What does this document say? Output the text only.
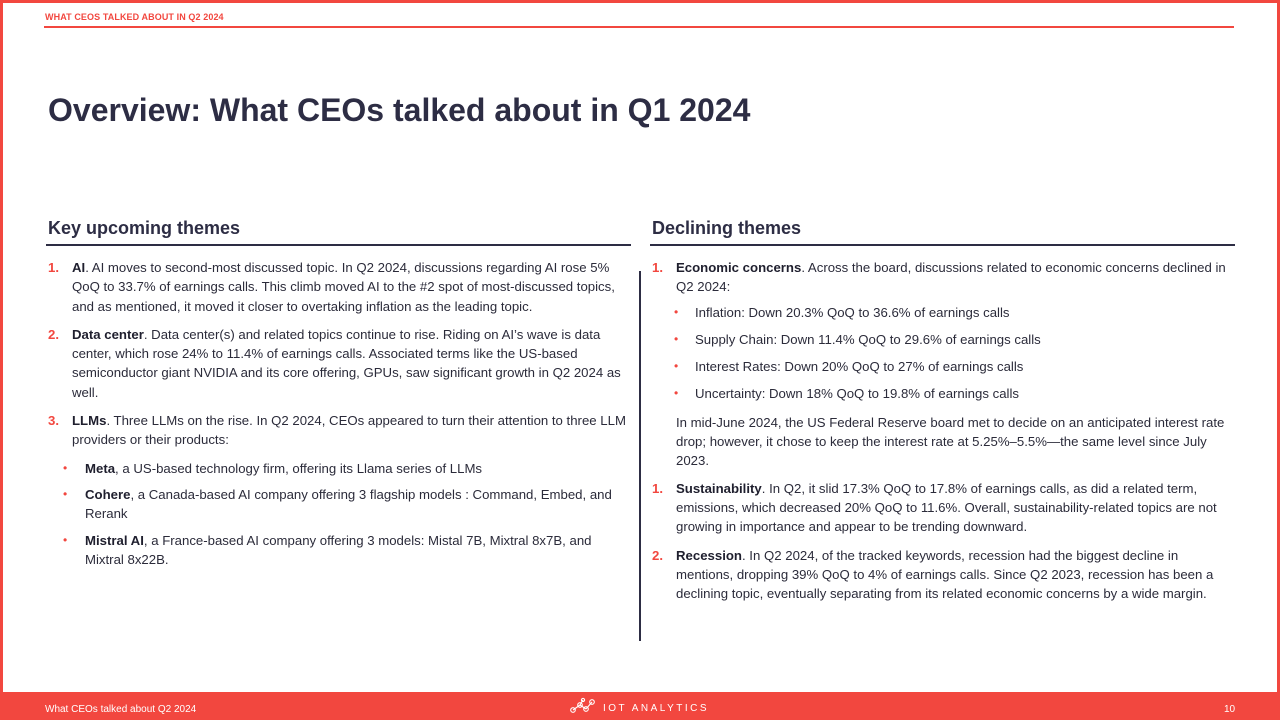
WHAT CEOS TALKED ABOUT IN Q2 2024
Overview: What CEOs talked about in Q1 2024
Key upcoming themes	Declining themes
1. AI. AI moves to second-most discussed topic. In Q2 2024, discussions regarding AI rose 5% QoQ to 33.7% of earnings calls. This climb moved AI to the #2 spot of most-discussed topics, and as mentioned, it moved it closer to overtaking inflation as the leading topic.
2. Data center. Data center(s) and related topics continue to rise. Riding on AI’s wave is data center, which rose 24% to 11.4% of earnings calls. Associated terms like the US-based semiconductor giant NVIDIA and its core offering, GPUs, saw significant growth in Q2 2024 as well.
3. LLMs. Three LLMs on the rise. In Q2 2024, CEOs appeared to turn their attention to three LLM providers or their products:
• Meta, a US-based technology firm, offering its Llama series of LLMs
• Cohere, a Canada-based AI company offering 3 flagship models : Command, Embed, and Rerank
• Mistral AI, a France-based AI company offering 3 models: Mistal 7B, Mixtral 8x7B, and Mixtral 8x22B.
1. Economic concerns. Across the board, discussions related to economic concerns declined in Q2 2024:
• Inflation: Down 20.3% QoQ to 36.6% of earnings calls
• Supply Chain: Down 11.4% QoQ to 29.6% of earnings calls
• Interest Rates: Down 20% QoQ to 27% of earnings calls
• Uncertainty: Down 18% QoQ to 19.8% of earnings calls
In mid-June 2024, the US Federal Reserve board met to decide on an anticipated interest rate drop; however, it chose to keep the interest rate at 5.25%–5.5%—the same level since July 2023.
1. Sustainability. In Q2, it slid 17.3% QoQ to 17.8% of earnings calls, as did a related term, emissions, which decreased 20% QoQ to 11.6%. Overall, sustainability-related topics are not growing in importance and appear to be trending downward.
2. Recession. In Q2 2024, of the tracked keywords, recession had the biggest decline in mentions, dropping 39% QoQ to 4% of earnings calls. Since Q2 2023, recession has been a declining topic, eventually separating from its related economic concerns by a wide margin.
What CEOs talked about Q2 2024	IOT ANALYTICS	10
